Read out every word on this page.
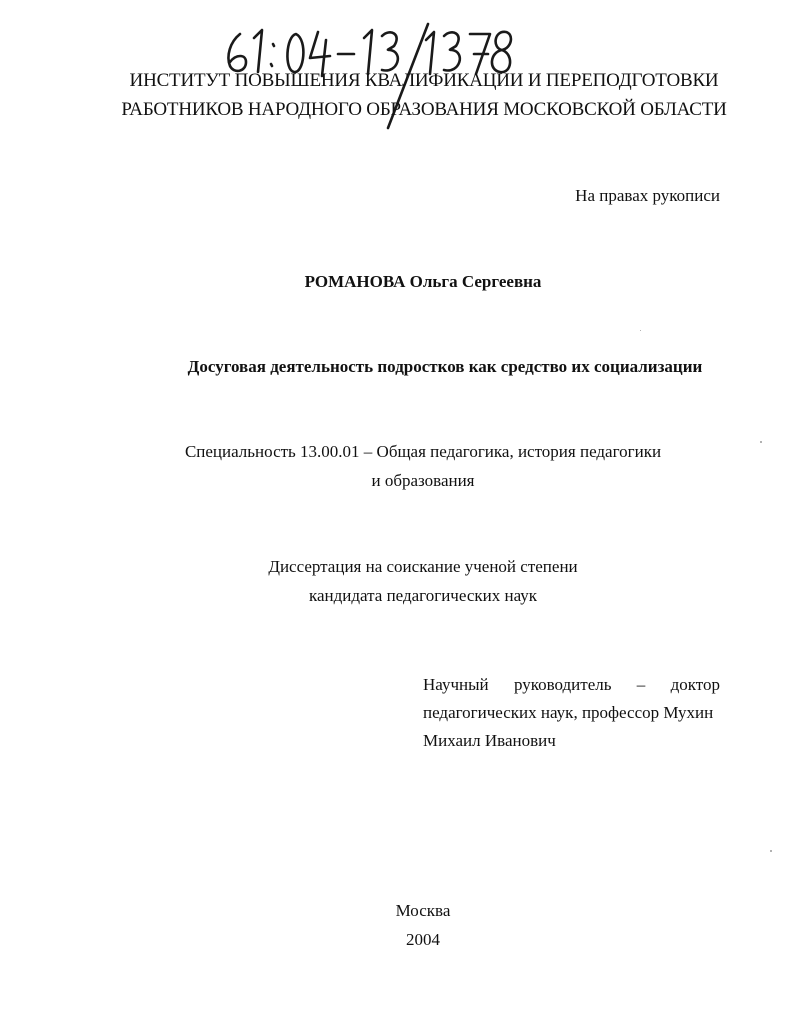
ИНСТИТУТ ПОВЫШЕНИЯ КВАЛИФИКАЦИИ И ПЕРЕПОДГОТОВКИ
РАБОТНИКОВ НАРОДНОГО ОБРАЗОВАНИЯ МОСКОВСКОЙ ОБЛАСТИ
На правах рукописи
РОМАНОВА Ольга Сергеевна
Досуговая деятельность подростков как средство их социализации
Специальность 13.00.01 – Общая педагогика, история педагогики
и образования
Диссертация на соискание ученой степени
кандидата педагогических наук
Научный руководитель – доктор
педагогических наук, профессор Мухин
Михаил Иванович
Москва
2004
